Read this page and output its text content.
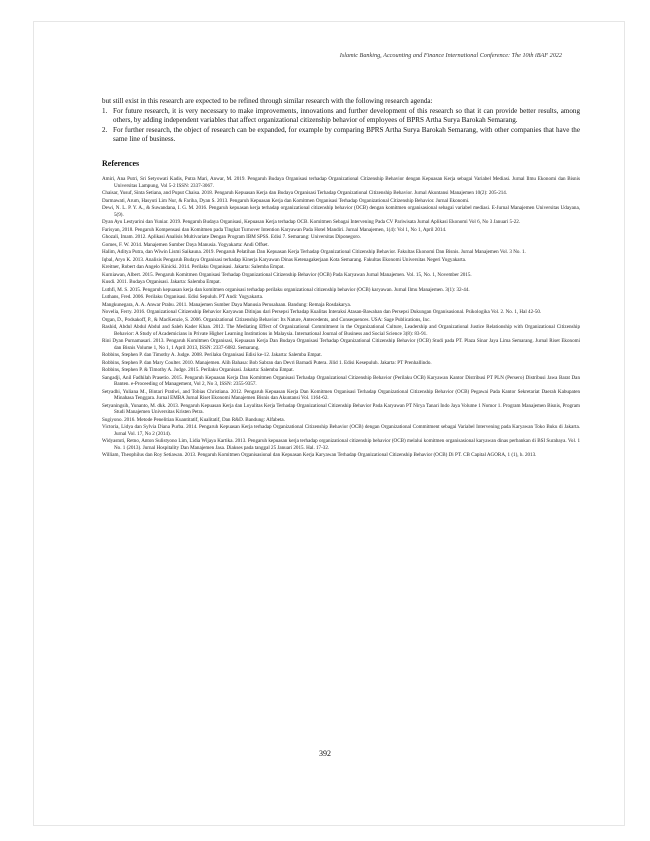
Islamic Banking, Accounting and Finance International Conference: The 10th iBAF 2022

but still exist in this research are expected to be refined through similar research with the following research agenda:

1. For future research, it is very necessary to make improvements, innovations and further development of this research so that it can provide better results, among others, by adding independent variables that affect organizational citizenship behavior of employees of BPRS Artha Surya Barokah Semarang.
2. For further research, the object of research can be expanded, for example by comparing BPRS Artha Surya Barokah Semarang, with other companies that have the same line of business.
References

Amiri, Ana Putri, Sri Setyowati Kadis, Putra Mari, Anwar, M. 2019. Pengaruh Budaya Organisasi terhadap Organizational Citizenship Behavior dengan Kepuasan Kerja sebagai Variabel Mediasi. Jurnal Ilmu Ekonomi dan Bisnis Universitas Lampung, Vol 5-2 ISSN: 2337-3067.

Chaisar, Yusuf, Sinta Setiana, and Puput Chaisa. 2018. Pengaruh Kepuasan Kerja dan Budaya Organisasi Terhadap Organizational Citizenship Behavior. Jurnal Akuntansi Manajemen 10(2): 205-214.

Darmawati, Arum, Hasyuti Lim Nur, & Fariha, Dyan S. 2013. Pengaruh Kepuasan Kerja dan Komitmen Organisasi Terhadap Organizational Citizenship Behavior. Jurnal Ekonomi.

Dewi, N. L. P. Y. A., & Suwandana, I. G. M. 2016. Pengaruh kepuasan kerja terhadap organizational citizenship behavior (OCB) dengan komitmen organisasional sebagai variabel mediasi. E-Jurnal Manajemen Universitas Udayana, 5(9).

Dyan Ayu Lestyarini dan Yuniar. 2019. Pengaruh Budaya Organisasi, Kepuasan Kerja terhadap OCB. Komitmen Sebagai Intervening Pada CV Pariwisata Jurnal Aplikasi Ekonomi Vol 6, No 3 Januari 5-22.

Farisyan, 2018. Pengaruh Kompensasi dan Komitmen pada Tingkat Turnover Intention Karyawan Pada Hotel Mandiri. Jurnal Manajemen, 1(4): Vol 1, No 1, April 2014.

Ghozali, Imam. 2012. Aplikasi Analisis Multivariate Dengan Program IBM SPSS. Edisi 7. Semarang: Universitas Diponegoro.

Gomes, F. W. 2014. Manajemen Sumber Daya Manusia. Yogyakarta: Andi Offset.

Halim, Aditya Putra, dan Wiwin Lismi Saikauna. 2019. Pengaruh Pelatihan Dan Kepuasan Kerja Terhadap Organizational Citizenship Behavior. Fakultas Ekonomi Dan Bisnis. Jurnal Manajemen Vol. 3 No. 1.

Iqbal, Aryo K. 2013. Analisis Pengaruh Budaya Organisasi terhadap Kinerja Karyawan Dinas Ketenagakerjaan Kota Semarang. Fakultas Ekonomi Universitas Negeri Yogyakarta.

Kreitner, Robert dan Angelo Kinicki. 2014. Perilaku Organisasi. Jakarta: Salemba Empat.

Kurniawan, Albert. 2015. Pengaruh Komitmen Organisasi Terhadap Organizational Citizenship Behavior (OCB) Pada Karyawan Jurnal Manajemen. Vol. 15, No. 1, November 2015.

Kusdi. 2011. Budaya Organisasi. Jakarta: Salemba Empat.

Luthfi, M. S. 2015. Pengaruh kepuasan kerja dan komitmen organisasi terhadap perilaku organizational citizenship behavior (OCB) karyawan. Jurnal Ilmu Manajemen. 3(1): 32-44.

Luthans, Fred. 2006. Perilaku Organisasi. Edisi Sepuluh. PT Andi: Yogyakarta.

Mangkunegara, A. A. Anwar Prabu. 2011. Manajemen Sumber Daya Manusia Perusahaan. Bandung: Remaja Rosdakarya.

Novelia, Ferry. 2016. Organizational Citizenship Behavior Karyawan Ditinjau dari Persepsi Terhadap Kualitas Interaksi Atasan-Bawahan dan Persepsi Dukungan Organisasional. Psikologika Vol. 2. No. 1, Hal 42-50.

Organ, D., Podsakoff, P., & MacKenzie, S. 2006. Organizational Citizenship Behavior: Its Nature, Antecedents, and Consequences. USA: Sage Publications, Inc.

Rashid, Abdul Abdul Abdul and Saleh Kader Khan. 2012. The Mediating Effect of Organizational Commitment in the Organizational Culture, Leadership and Organizational Justice Relationship with Organizational Citizenship Behavior: A Study of Academicians in Private Higher Learning Institutions in Malaysia. International Journal of Business and Social Science 3(8): 83-91.

Rini Dyan Purnamasari. 2013. Pengaruh Komitmen Organisasi, Kepuasan Kerja Dan Budaya Organisasi Terhadap Organizational Citizenship Behavior (OCB) Studi pada PT. Plaza Sinar Jaya Lima Semarang. Jurnal Riset Ekonomi dan Bisnis Volume 1, No 1, 1 April 2013, ISSN: 2337-6082. Semarang.

Robbins, Stephen P. dan Timothy A. Judge. 2008. Perilaku Organisasi Edisi ke-12. Jakarta: Salemba Empat.

Robbins, Stephen P. dan Mary Coulter. 2010. Manajemen. Alih Bahasa: Bob Sabran dan Devri Barnadi Putera. Jilid 1. Edisi Kesepuluh. Jakarta: PT Prenhallindo.

Robbins, Stephen P. & Timothy A. Judge. 2015. Perilaku Organisasi. Jakarta: Salemba Empat.

Sangadji, Anil Fadhilah Prasetio. 2015. Pengaruh Kepuasan Kerja Dan Komitmen Organisasi Terhadap Organizational Citizenship Behavior (Perilaku OCB) Karyawan Kantor Distribusi PT PLN (Persero) Distribusi Jawa Barat Dan Banten. e-Proceeding of Management, Vol 2, No 3, ISSN: 2355-9357.

Setyadhi, Yuliana M., Bintari Pratiwi, and Tobias Christiana. 2012. Pengaruh Kepuasan Kerja Dan Komitmen Organisasi Terhadap Organizational Citizenship Behavior (OCB) Pegawai Pada Kantor Sekretariat Daerah Kabupaten Minahasa Tenggara. Jurnal EMBA Jurnal Riset Ekonomi Manajemen Bisnis dan Akuntansi Vol. 1164-62.

Setyaningsih, Yunanto, M. dkk. 2013. Pengaruh Kepuasan Kerja dan Loyalitas Kerja Terhadap Organizational Citizenship Behavior Pada Karyawan PT Nirya Tanari Indo Jaya Volume 1 Nomor 1. Program Manajemen Bisnis, Program Studi Manajemen Universitas Kristen Petra.

Sugiyono. 2016. Metode Penelitian Kuantitatif, Kualitatif, Dan R&D. Bandung: Alfabeta.

Victoria, Lidya dan Sylvia Diana Purba. 2014. Pengaruh Kepuasan Kerja terhadap Organizational Citizenship Behavior (OCB) dengan Organizational Commitment sebagai Variabel Intervening pada Karyawan Toko Buku di Jakarta. Jurnal Vol. 17, No 2 (2014).

Widyastuti, Retno, Anton Sulistyono Lim, Lidia Wijaya Kartika. 2013. Pengaruh kepuasan kerja terhadap organizational citizenship behavior (OCB) melalui komitmen organisasional karyawan dinas perbankan di BSI Surabaya. Vol. 1 No. 1 (2013). Jurnal Hospitality Dan Manajemen Jasa. Diakses pada tanggal 25 Januari 2015. Hal. 17-32.

William, Theophilus dan Roy Setiawan. 2013. Pengaruh Komitmen Organisasional dan Kepuasan Kerja Karyawan Terhadap Organizational Citizenship Behavior (OCB) Di PT. CB Capital AGORA, 1 (1), h. 2013.

392
